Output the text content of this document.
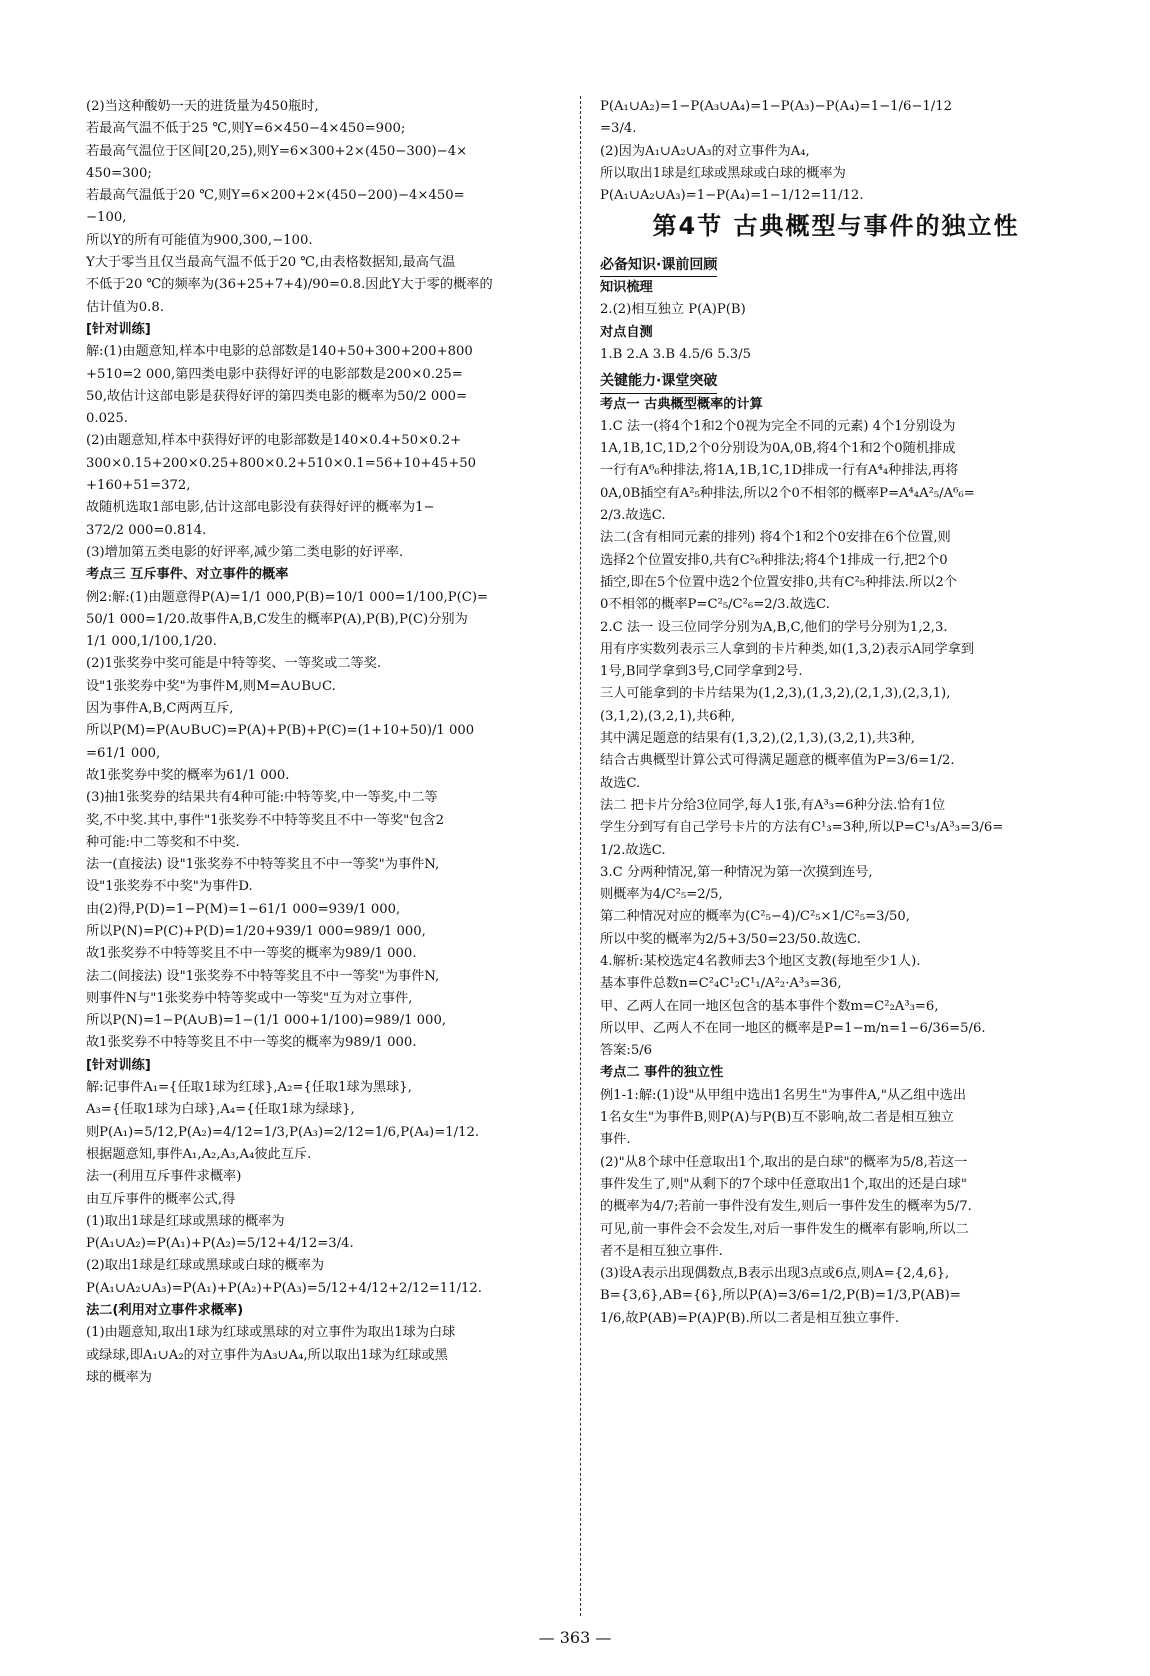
(2)当这种酸奶一天的进货量为450瓶时,
若最高气温不低于25 ℃,则Y=6×450−4×450=900;
若最高气温位于区间[20,25),则Y=6×300+2×(450−300)−4×
450=300;
若最高气温低于20 ℃,则Y=6×200+2×(450−200)−4×450=
−100,
所以Y的所有可能值为900,300,−100.
Y大于零当且仅当最高气温不低于20 ℃,由表格数据知,最高气温
不低于20 ℃的频率为(36+25+7+4)/90=0.8.因此Y大于零的概率的
估计值为0.8.
[针对训练]
解:(1)由题意知,样本中电影的总部数是140+50+300+200+800
+510=2 000,第四类电影中获得好评的电影部数是200×0.25=
50,故估计这部电影是获得好评的第四类电影的概率为50/2 000=
0.025.
(2)由题意知,样本中获得好评的电影部数是140×0.4+50×0.2+
300×0.15+200×0.25+800×0.2+510×0.1=56+10+45+50
+160+51=372,
故随机选取1部电影,估计这部电影没有获得好评的概率为1−
372/2 000=0.814.
(3)增加第五类电影的好评率,减少第二类电影的好评率.
考点三 互斥事件、对立事件的概率
例2:解:(1)由题意得P(A)=1/1 000,P(B)=10/1 000=1/100,P(C)=
50/1 000=1/20.故事件A,B,C发生的概率P(A),P(B),P(C)分别为
1/1 000,1/100,1/20.
(2)1张奖券中奖可能是中特等奖、一等奖或二等奖.
设"1张奖券中奖"为事件M,则M=A∪B∪C.
因为事件A,B,C两两互斥,
所以P(M)=P(A∪B∪C)=P(A)+P(B)+P(C)=(1+10+50)/1 000
=61/1 000,
故1张奖券中奖的概率为61/1 000.
(3)抽1张奖券的结果共有4种可能:中特等奖,中一等奖,中二等
奖,不中奖.其中,事件"1张奖券不中特等奖且不中一等奖"包含2
种可能:中二等奖和不中奖.
法一(直接法) 设"1张奖券不中特等奖且不中一等奖"为事件N,
设"1张奖券不中奖"为事件D.
由(2)得,P(D)=1−P(M)=1−61/1 000=939/1 000,
所以P(N)=P(C)+P(D)=1/20+939/1 000=989/1 000,
故1张奖券不中特等奖且不中一等奖的概率为989/1 000.
法二(间接法) 设"1张奖券不中特等奖且不中一等奖"为事件N,
则事件N与"1张奖券中特等奖或中一等奖"互为对立事件,
所以P(N)=1−P(A∪B)=1−(1/1 000+1/100)=989/1 000,
故1张奖券不中特等奖且不中一等奖的概率为989/1 000.
[针对训练]
解:记事件A₁={任取1球为红球},A₂={任取1球为黑球},
A₃={任取1球为白球},A₄={任取1球为绿球},
则P(A₁)=5/12,P(A₂)=4/12=1/3,P(A₃)=2/12=1/6,P(A₄)=1/12.
根据题意知,事件A₁,A₂,A₃,A₄彼此互斥.
法一(利用互斥事件求概率)
由互斥事件的概率公式,得
(1)取出1球是红球或黑球的概率为
P(A₁∪A₂)=P(A₁)+P(A₂)=5/12+4/12=3/4.
(2)取出1球是红球或黑球或白球的概率为
P(A₁∪A₂∪A₃)=P(A₁)+P(A₂)+P(A₃)=5/12+4/12+2/12=11/12.
法二(利用对立事件求概率)
(1)由题意知,取出1球为红球或黑球的对立事件为取出1球为白球
或绿球,即A₁∪A₂的对立事件为A₃∪A₄,所以取出1球为红球或黑
球的概率为
P(A₁∪A₂)=1−P(A₃∪A₄)=1−P(A₃)−P(A₄)=1−1/6−1/12
=3/4.
(2)因为A₁∪A₂∪A₃的对立事件为A₄,
所以取出1球是红球或黑球或白球的概率为
P(A₁∪A₂∪A₃)=1−P(A₄)=1−1/12=11/12.
第4节 古典概型与事件的独立性
必备知识·课前回顾
知识梳理
2.(2)相互独立 P(A)P(B)
对点自测
1.B 2.A 3.B 4.5/6 5.3/5
关键能力·课堂突破
考点一 古典概型概率的计算
1.C 法一(将4个1和2个0视为完全不同的元素) 4个1分别设为
1A,1B,1C,1D,2个0分别设为0A,0B,将4个1和2个0随机排成
一行有A⁶₆种排法,将1A,1B,1C,1D排成一行有A⁴₄种排法,再将
0A,0B插空有A²₅种排法,所以2个0不相邻的概率P=A⁴₄A²₅/A⁶₆=
2/3.故选C.
法二(含有相同元素的排列) 将4个1和2个0安排在6个位置,则
选择2个位置安排0,共有C²₆种排法;将4个1排成一行,把2个0
插空,即在5个位置中选2个位置安排0,共有C²₅种排法.所以2个
0不相邻的概率P=C²₅/C²₆=2/3.故选C.
2.C 法一 设三位同学分别为A,B,C,他们的学号分别为1,2,3.
用有序实数列表示三人拿到的卡片种类,如(1,3,2)表示A同学拿到
1号,B同学拿到3号,C同学拿到2号.
三人可能拿到的卡片结果为(1,2,3),(1,3,2),(2,1,3),(2,3,1),
(3,1,2),(3,2,1),共6种,
其中满足题意的结果有(1,3,2),(2,1,3),(3,2,1),共3种,
结合古典概型计算公式可得满足题意的概率值为P=3/6=1/2.
故选C.
法二 把卡片分给3位同学,每人1张,有A³₃=6种分法.恰有1位
学生分到写有自己学号卡片的方法有C¹₃=3种,所以P=C¹₃/A³₃=3/6=
1/2.故选C.
3.C 分两种情况,第一种情况为第一次摸到连号,
则概率为4/C²₅=2/5,
第二种情况对应的概率为(C²₅−4)/C²₅×1/C²₅=3/50,
所以中奖的概率为2/5+3/50=23/50.故选C.
4.解析:某校选定4名教师去3个地区支教(每地至少1人).
基本事件总数n=C²₄C¹₂C¹₁/A²₂·A³₃=36,
甲、乙两人在同一地区包含的基本事件个数m=C²₂A³₃=6,
所以甲、乙两人不在同一地区的概率是P=1−m/n=1−6/36=5/6.
答案:5/6
考点二 事件的独立性
例1-1:解:(1)设"从甲组中选出1名男生"为事件A,"从乙组中选出
1名女生"为事件B,则P(A)与P(B)互不影响,故二者是相互独立
事件.
(2)"从8个球中任意取出1个,取出的是白球"的概率为5/8,若这一
事件发生了,则"从剩下的7个球中任意取出1个,取出的还是白球"
的概率为4/7;若前一事件没有发生,则后一事件发生的概率为5/7.
可见,前一事件会不会发生,对后一事件发生的概率有影响,所以二
者不是相互独立事件.
(3)设A表示出现偶数点,B表示出现3点或6点,则A={2,4,6},
B={3,6},AB={6},所以P(A)=3/6=1/2,P(B)=1/3,P(AB)=
1/6,故P(AB)=P(A)P(B).所以二者是相互独立事件.
— 363 —
